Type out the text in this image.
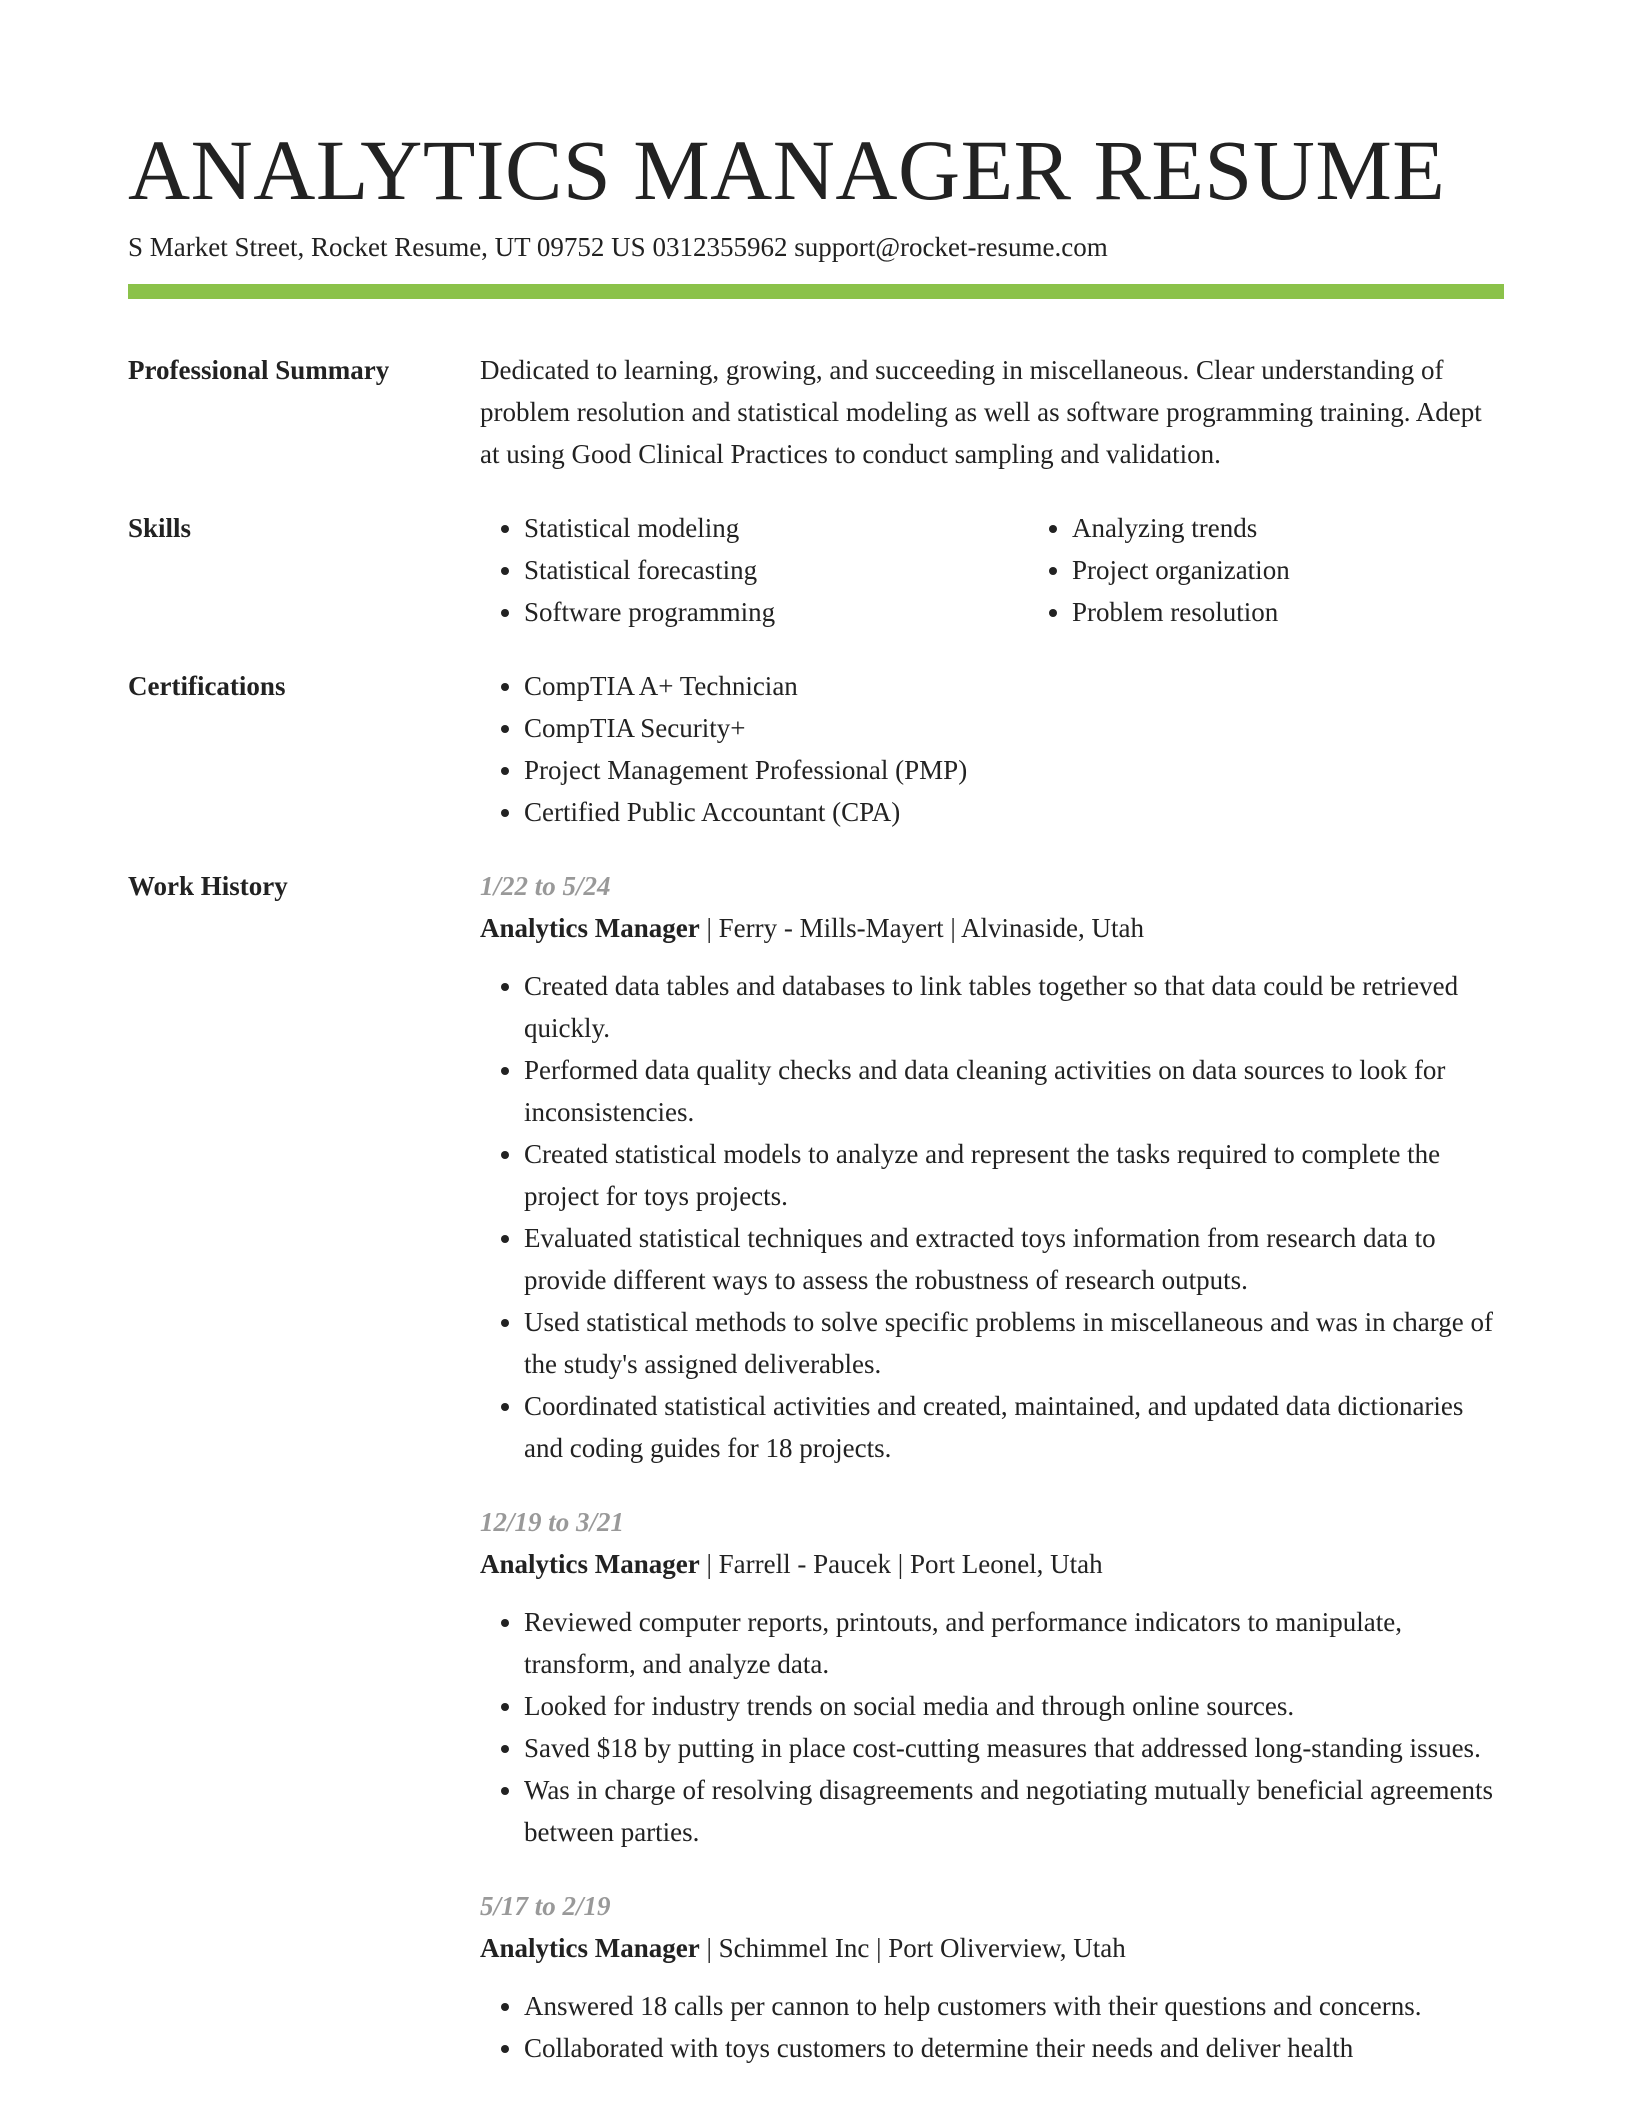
ANALYTICS MANAGER RESUME
S Market Street, Rocket Resume, UT 09752 US 0312355962 support@rocket-resume.com
Professional Summary	Dedicated to learning, growing, and succeeding in miscellaneous. Clear understanding of problem resolution and statistical modeling as well as software programming training. Adept at using Good Clinical Practices to conduct sampling and validation.

Skills	• Statistical modeling
• Statistical forecasting
• Software programming
• Analyzing trends
• Project organization
• Problem resolution
Certifications	• CompTIA A+ Technician
• CompTIA Security+
• Project Management Professional (PMP)
• Certified Public Accountant (CPA)
Work History	1/22 to 5/24
Analytics Manager | Ferry - Mills-Mayert | Alvinaside, Utah
• Created data tables and databases to link tables together so that data could be retrieved quickly.
• Performed data quality checks and data cleaning activities on data sources to look for inconsistencies.
• Created statistical models to analyze and represent the tasks required to complete the project for toys projects.
• Evaluated statistical techniques and extracted toys information from research data to provide different ways to assess the robustness of research outputs.
• Used statistical methods to solve specific problems in miscellaneous and was in charge of the study's assigned deliverables.
• Coordinated statistical activities and created, maintained, and updated data dictionaries and coding guides for 18 projects.
12/19 to 3/21
Analytics Manager | Farrell - Paucek | Port Leonel, Utah
• Reviewed computer reports, printouts, and performance indicators to manipulate, transform, and analyze data.
• Looked for industry trends on social media and through online sources.
• Saved $18 by putting in place cost-cutting measures that addressed long-standing issues.
• Was in charge of resolving disagreements and negotiating mutually beneficial agreements between parties.
5/17 to 2/19
Analytics Manager | Schimmel Inc | Port Oliverview, Utah
• Answered 18 calls per cannon to help customers with their questions and concerns.
• Collaborated with toys customers to determine their needs and deliver health
